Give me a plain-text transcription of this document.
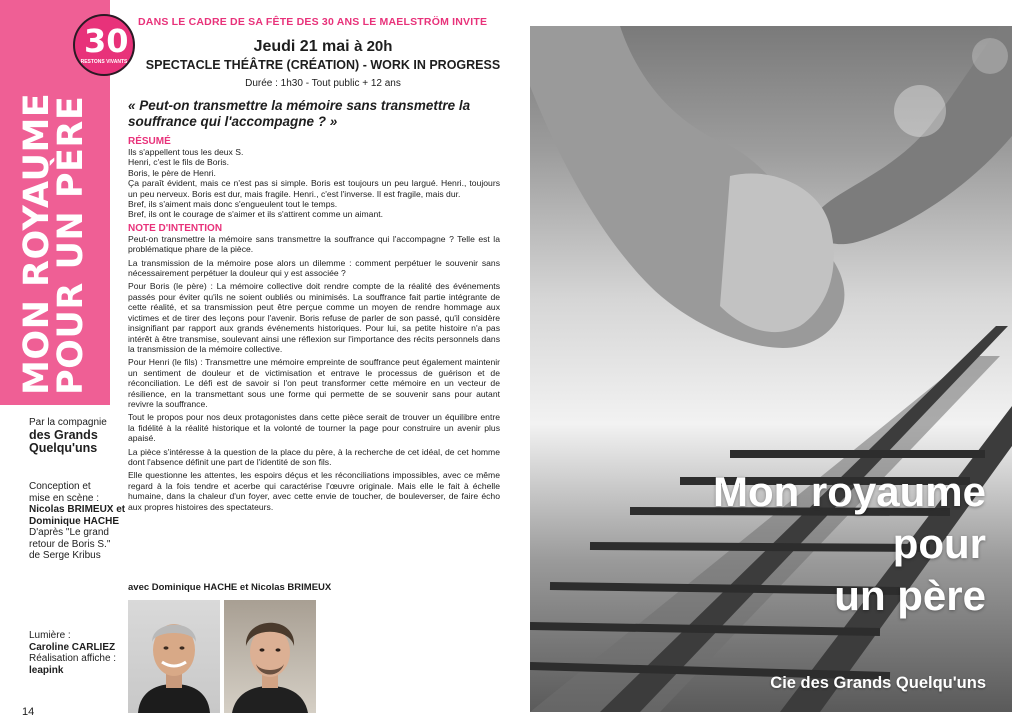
MON ROYAUME
POUR UN PÈRE
30
RESTONS VIVANTS
DANS LE CADRE DE SA FÊTE DES 30 ANS LE MAELSTRÖM INVITE
Jeudi 21 mai à 20h
SPECTACLE THÉÂTRE (CRÉATION) - WORK IN PROGRESS
Durée : 1h30 - Tout public + 12 ans

« Peut-on transmettre la mémoire sans transmettre la souffrance qui l'accompagne ? »

RÉSUMÉ

Ils s'appellent tous les deux S.

Henri, c'est le fils de Boris.

Boris, le père de Henri.

Ça paraît évident, mais ce n'est pas si simple. Boris est toujours un peu largué. Henri., toujours un peu nerveux. Boris est dur, mais fragile. Henri., c'est l'inverse. Il est fragile, mais dur.

Bref, ils s'aiment mais donc s'engueulent tout le temps.

Bref, ils ont le courage de s'aimer et ils s'attirent comme un aimant.

NOTE D'INTENTION

Peut-on transmettre la mémoire sans transmettre la souffrance qui l'accompagne ? Telle est la problématique phare de la pièce.

La transmission de la mémoire pose alors un dilemme : comment perpétuer le souvenir sans nécessairement perpétuer la douleur qui y est associée ?

Pour Boris (le père) : La mémoire collective doit rendre compte de la réalité des événements passés pour éviter qu'ils ne soient oubliés ou minimisés. La souffrance fait partie intégrante de cette réalité, et sa transmission peut être perçue comme un moyen de rendre hommage aux victimes et de tirer des leçons pour l'avenir. Boris refuse de parler de son passé, qu'il considère insignifiant par rapport aux grands événements historiques. Pour lui, sa petite histoire n'a pas intérêt à être transmise, soulevant ainsi une réflexion sur l'importance des récits personnels dans la transmission de la mémoire collective.

Pour Henri (le fils) : Transmettre une mémoire empreinte de souffrance peut également maintenir un sentiment de douleur et de victimisation et entrave le processus de guérison et de réconciliation. Le défi est de savoir si l'on peut transformer cette mémoire en un vecteur de résilience, en la transmettant sous une forme qui permette de se souvenir sans pour autant revivre la souffrance.

Tout le propos pour nos deux protagonistes dans cette pièce serait de trouver un équilibre entre la fidélité à la réalité historique et la volonté de tourner la page pour construire un avenir plus apaisé.

La pièce s'intéresse à la question de la place du père, à la recherche de cet idéal, de cet homme dont l'absence définit une part de l'identité de son fils.

Elle questionne les attentes, les espoirs déçus et les réconciliations impossibles, avec ce même regard à la fois tendre et acerbe qui caractérise l'œuvre originale. Mais elle le fait à échelle humaine, dans la chaleur d'un foyer, avec cette envie de toucher, de bouleverser, de faire écho aux propres histoires des spectateurs.

avec Dominique HACHE et Nicolas BRIMEUX
Par la compagnie
des Grands
Quelqu'uns
Conception et
mise en scène :
Nicolas BRIMEUX et
Dominique HACHE
D'après "Le grand
retour de Boris S."
de Serge Kribus
Lumière :
Caroline CARLIEZ
Réalisation affiche :
leapink
14
Mon royaume
pour
un père
Cie des Grands Quelqu'uns
